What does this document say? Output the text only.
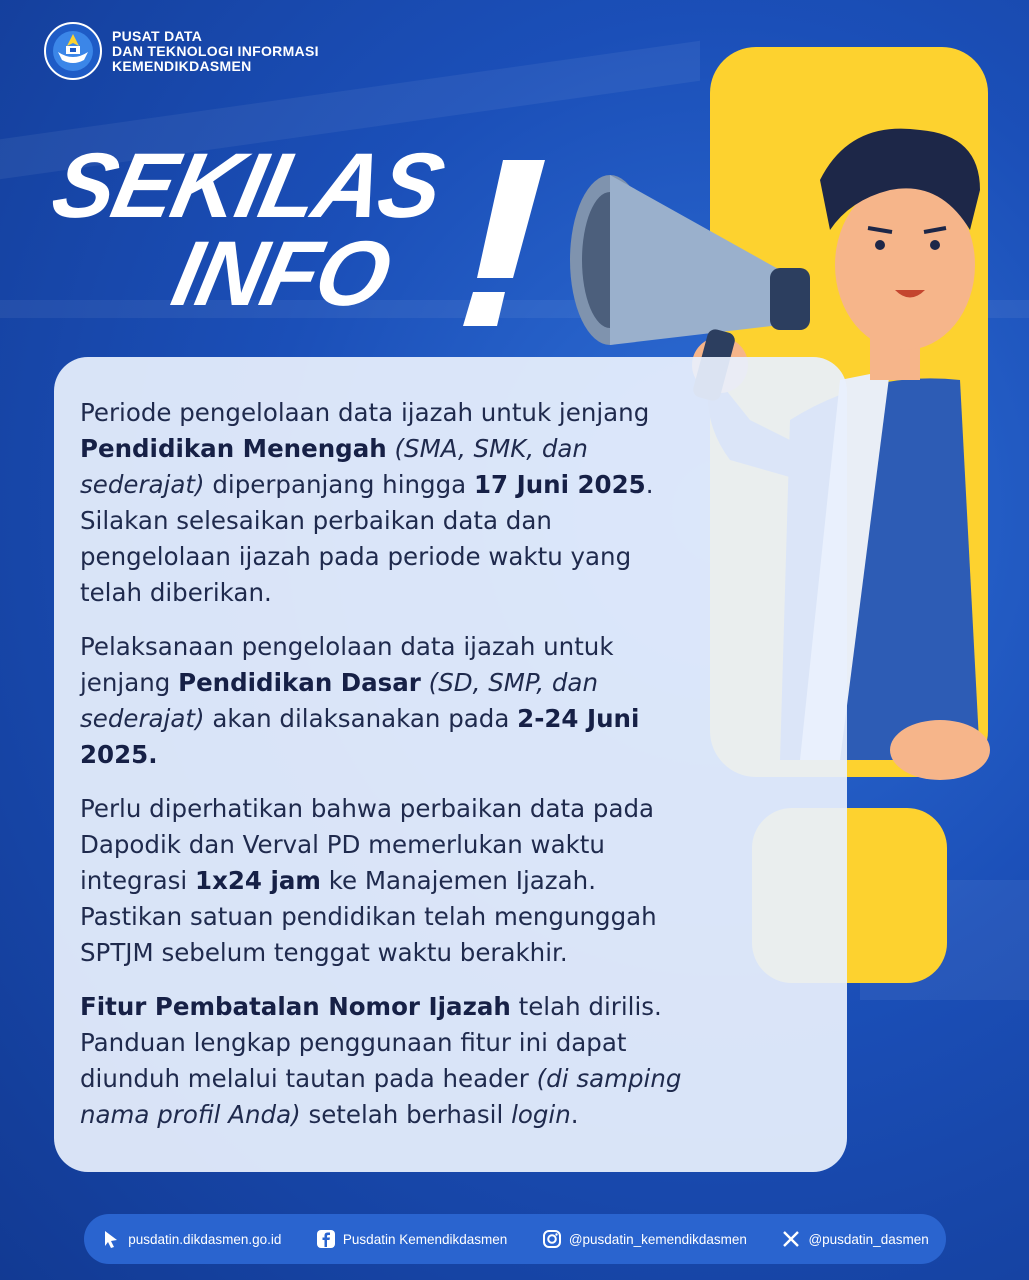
PUSAT DATA
DAN TEKNOLOGI INFORMASI
KEMENDIKDASMEN
SEKILAS
INFO

Periode pengelolaan data ijazah untuk jenjang Pendidikan Menengah (SMA, SMK, dan sederajat) diperpanjang hingga 17 Juni 2025. Silakan selesaikan perbaikan data dan pengelolaan ijazah pada periode waktu yang telah diberikan.

Pelaksanaan pengelolaan data ijazah untuk jenjang Pendidikan Dasar (SD, SMP, dan sederajat) akan dilaksanakan pada 2-24 Juni 2025.

Perlu diperhatikan bahwa perbaikan data pada Dapodik dan Verval PD memerlukan waktu integrasi 1x24 jam ke Manajemen Ijazah. Pastikan satuan pendidikan telah mengunggah SPTJM sebelum tenggat waktu berakhir.

Fitur Pembatalan Nomor Ijazah telah dirilis. Panduan lengkap penggunaan fitur ini dapat diunduh melalui tautan pada header (di samping nama profil Anda) setelah berhasil login.

pusdatin.dikdasmen.go.id	Pusdatin Kemendikdasmen	@pusdatin_kemendikdasmen	@pusdatin_dasmen
